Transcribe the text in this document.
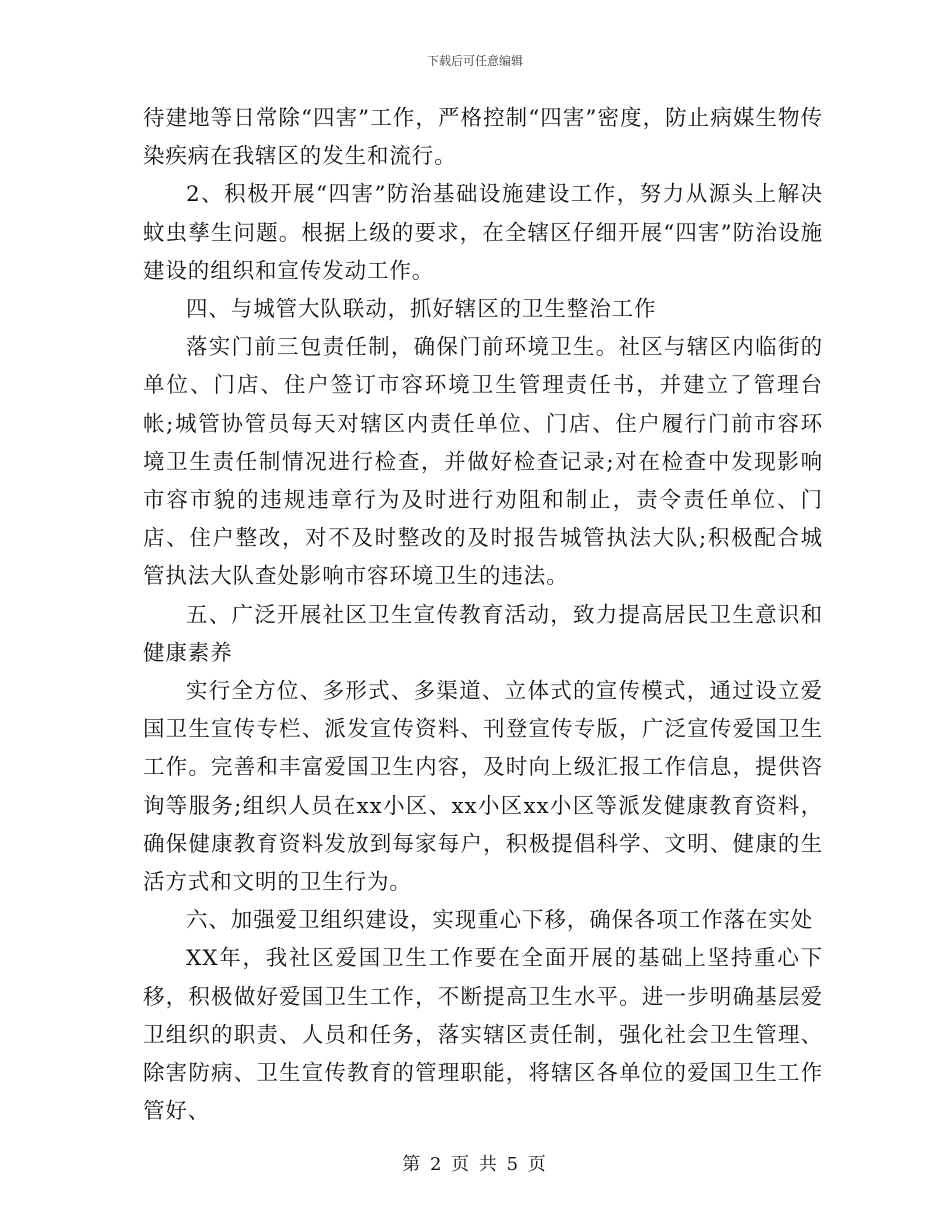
下载后可任意编辑

待建地等日常除“四害”工作，严格控制“四害”密度，防止病媒生物传染疾病在我辖区的发生和流行。

2、积极开展“四害”防治基础设施建设工作，努力从源头上解决蚊虫孳生问题。根据上级的要求，在全辖区仔细开展“四害”防治设施建设的组织和宣传发动工作。

四、与城管大队联动，抓好辖区的卫生整治工作

落实门前三包责任制，确保门前环境卫生。社区与辖区内临街的单位、门店、住户签订市容环境卫生管理责任书，并建立了管理台帐;城管协管员每天对辖区内责任单位、门店、住户履行门前市容环境卫生责任制情况进行检查，并做好检查记录;对在检查中发现影响市容市貌的违规违章行为及时进行劝阻和制止，责令责任单位、门店、住户整改，对不及时整改的及时报告城管执法大队;积极配合城管执法大队查处影响市容环境卫生的违法。

五、广泛开展社区卫生宣传教育活动，致力提高居民卫生意识和健康素养

实行全方位、多形式、多渠道、立体式的宣传模式，通过设立爱国卫生宣传专栏、派发宣传资料、刊登宣传专版，广泛宣传爱国卫生工作。完善和丰富爱国卫生内容，及时向上级汇报工作信息，提供咨询等服务;组织人员在xx小区、xx小区xx小区等派发健康教育资料，确保健康教育资料发放到每家每户，积极提倡科学、文明、健康的生活方式和文明的卫生行为。

六、加强爱卫组织建设，实现重心下移，确保各项工作落在实处

XX年，我社区爱国卫生工作要在全面开展的基础上坚持重心下移，积极做好爱国卫生工作，不断提高卫生水平。进一步明确基层爱卫组织的职责、人员和任务，落实辖区责任制，强化社会卫生管理、除害防病、卫生宣传教育的管理职能，将辖区各单位的爱国卫生工作管好、

第 2 页 共 5 页
